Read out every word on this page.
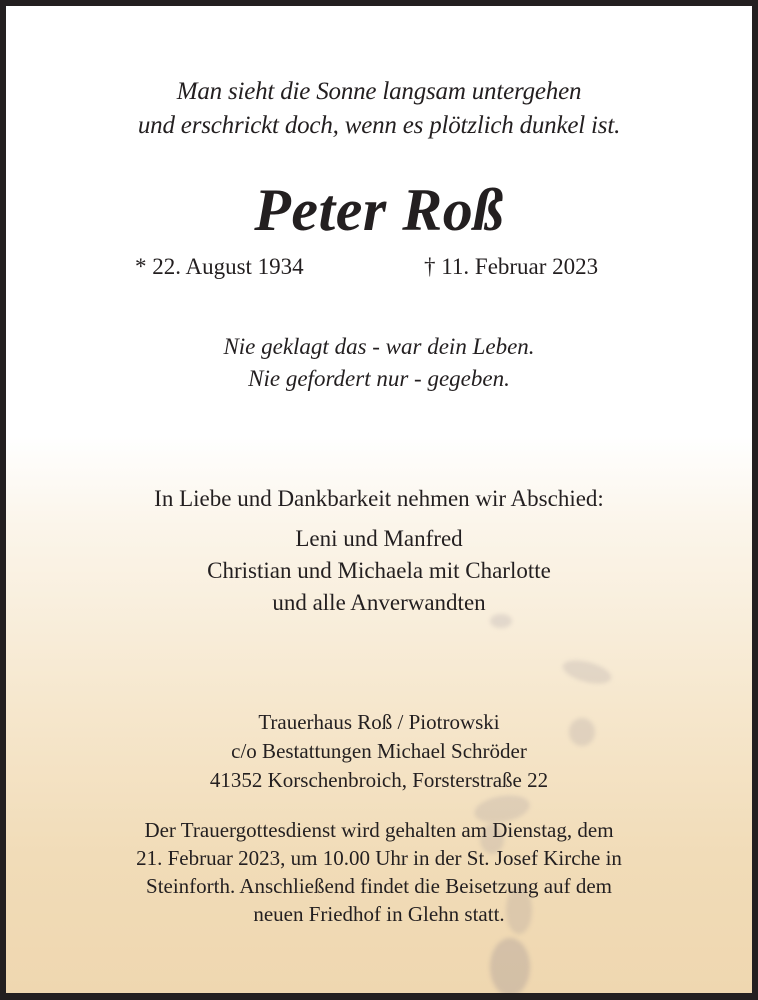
Man sieht die Sonne langsam untergehen
und erschrickt doch, wenn es plötzlich dunkel ist.
Peter Roß
* 22. August 1934	† 11. Februar 2023
Nie geklagt das - war dein Leben.
Nie gefordert nur - gegeben.
In Liebe und Dankbarkeit nehmen wir Abschied:
Leni und Manfred
Christian und Michaela mit Charlotte
und alle Anverwandten
Trauerhaus Roß / Piotrowski
c/o Bestattungen Michael Schröder
41352 Korschenbroich, Forsterstraße 22
Der Trauergottesdienst wird gehalten am Dienstag, dem
21. Februar 2023, um 10.00 Uhr in der St. Josef Kirche in
Steinforth. Anschließend findet die Beisetzung auf dem
neuen Friedhof in Glehn statt.
